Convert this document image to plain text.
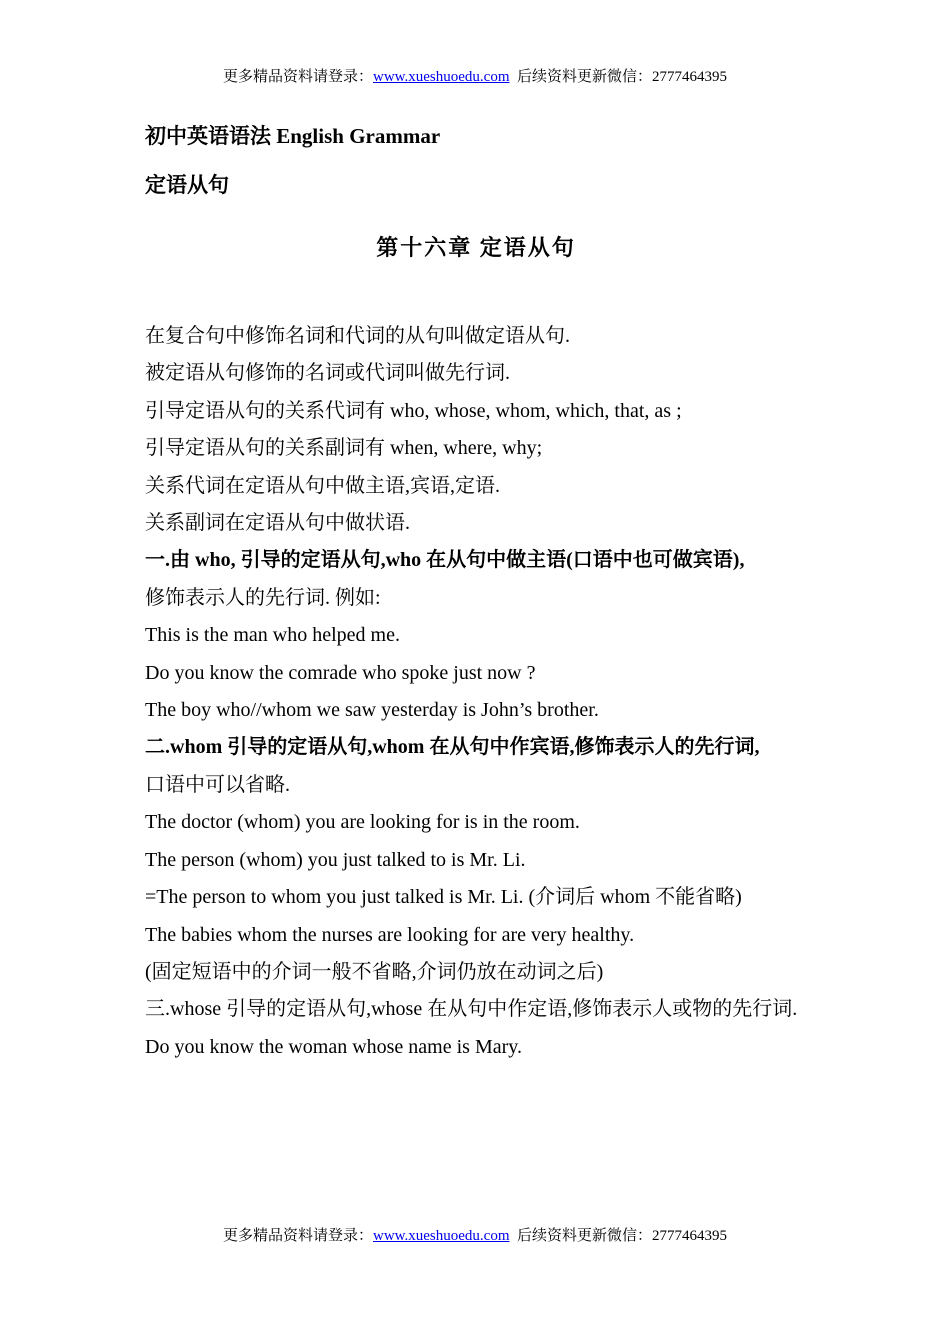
更多精品资料请登录：www.xueshuoedu.com 后续资料更新微信：2777464395
初中英语语法 English Grammar
定语从句
第十六章 定语从句

在复合句中修饰名词和代词的从句叫做定语从句.

被定语从句修饰的名词或代词叫做先行词.

引导定语从句的关系代词有 who, whose, whom, which, that, as ;

引导定语从句的关系副词有 when, where, why;

关系代词在定语从句中做主语,宾语,定语.

关系副词在定语从句中做状语.

一.由 who, 引导的定语从句,who 在从句中做主语(口语中也可做宾语),

修饰表示人的先行词. 例如:

This is the man who helped me.

Do you know the comrade who spoke just now ?

The boy who//whom we saw yesterday is John’s brother.

二.whom 引导的定语从句,whom 在从句中作宾语,修饰表示人的先行词,

口语中可以省略.

The doctor (whom) you are looking for is in the room.

The person (whom) you just talked to is Mr. Li.

=The person to whom you just talked is Mr. Li. (介词后 whom 不能省略)

The babies whom the nurses are looking for are very healthy.

(固定短语中的介词一般不省略,介词仍放在动词之后)

三.whose 引导的定语从句,whose 在从句中作定语,修饰表示人或物的先行词.

Do you know the woman whose name is Mary.

更多精品资料请登录：www.xueshuoedu.com 后续资料更新微信：2777464395
